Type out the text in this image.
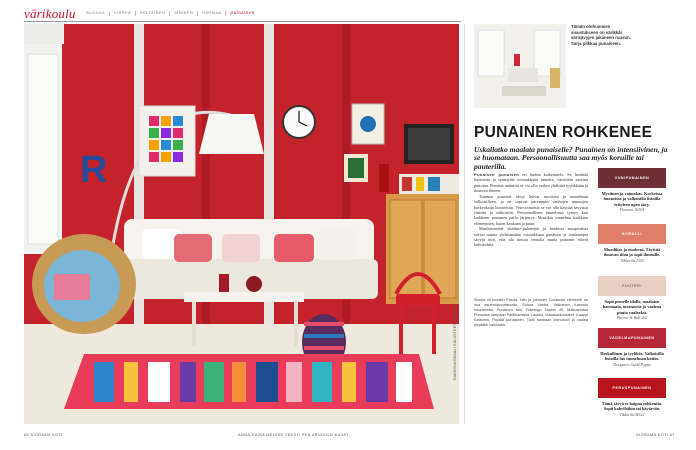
värikoulu	RUOKAA	VIHREÄ	KELTAINEN	SININEN	HARMAA	punainen
R
RAKENNUSMAALI KALUSTEET VAELLUS
Tämän olohuoneen sisustukseen on värikkäi värisävyjen jakaneen ruusun. Sarja pilkkaa punaiseen.
PUNAINEN ROHKENEE
Uskallatko maalata punaiselle? Punainen on intensiivinen, ja se huomataan. Persoonallisuutta saa myös koruille tai pauteriila.

Punaisen punaisen eri hurhta kaikenutele. Se herättää huomiota ja synnyttää voimakkaita tunteita, varsinkin suurina pintoina. Pienistä määristä se voi olla vaikea yhdistää tyylikkään ja ilmavan ilmeen.

Tummat punaiset sävyt luovat mystisen ja tunnelman valkoisilleen, ja ne sopivat paremmin vanhojen asuntojen korkeuksiin huoneisiin. Vetovoimaista se voi olla käyttää sävyissä sinisiin ja valkoisiin. Persoonallinen tunnelmaa syntyy kun kaikkeen punainen pallo järjestyy. Musiikin tunnelma kaikkien elementtien, kuten kankaan ja puun.

Maalaismaiset sisäilme-palettejen ja henkiset maaperäiset voivat auttaa yhdistämään voimakkaan punaisen ja vaaleampia sävyjä niin, että tila tuntuu rentolta mutta punaiset elävät kohokohtia.

Sivulla oli kuvattu Parola, Niin ja jokainen Coeiaoaa elementti on osa asuinkokonaisuutta, Sohva Vanha, Valkoinen Kannuin huoneessa, Punainen talo, Flamingo Tapetti 45, Mattotehdas Punainen lampaan Palttinamatot, Laukku, Maalauskoristeet, Kaappi Katsomo, Pöydät punaiseen, Tuoli kankaan keinutuoli ja vaalea pöydälle kaikkialla.
VIINIPUNAINEN
Mystinen ja voimakas. Korkeissa huoneissa ja valkoisilla listoilla erityisen upea sävy.
Flamant 16304
KORALLI
Muodikas ja moderni. Täyttää ilmavan tilan ja sopii ihmisille.
Tikkurila J320
PUUTERI
Sopii pienelle tilalle, maalaten harmaata, marmoria ja vaaleaa puuta vaaleaksi.
Farrow & Ball 202
VADELMAPUNAINEN
Herkullinen ja tyylikäs. Valkoisilla listoilla luo tunnelman kotiin.
Designers Guild Poppy
PERUSPUNAINEN
Tämä sävyä se kaipaa rohkeutta. Sopii kahviloihin tai käytäviin.
Tikkurila M322
66 DIORAMA KOTI	ANNA-KAISA MELVAS TEKSTI PIIA ARNOULD KUVAT	DIORAMA KOTI 67
